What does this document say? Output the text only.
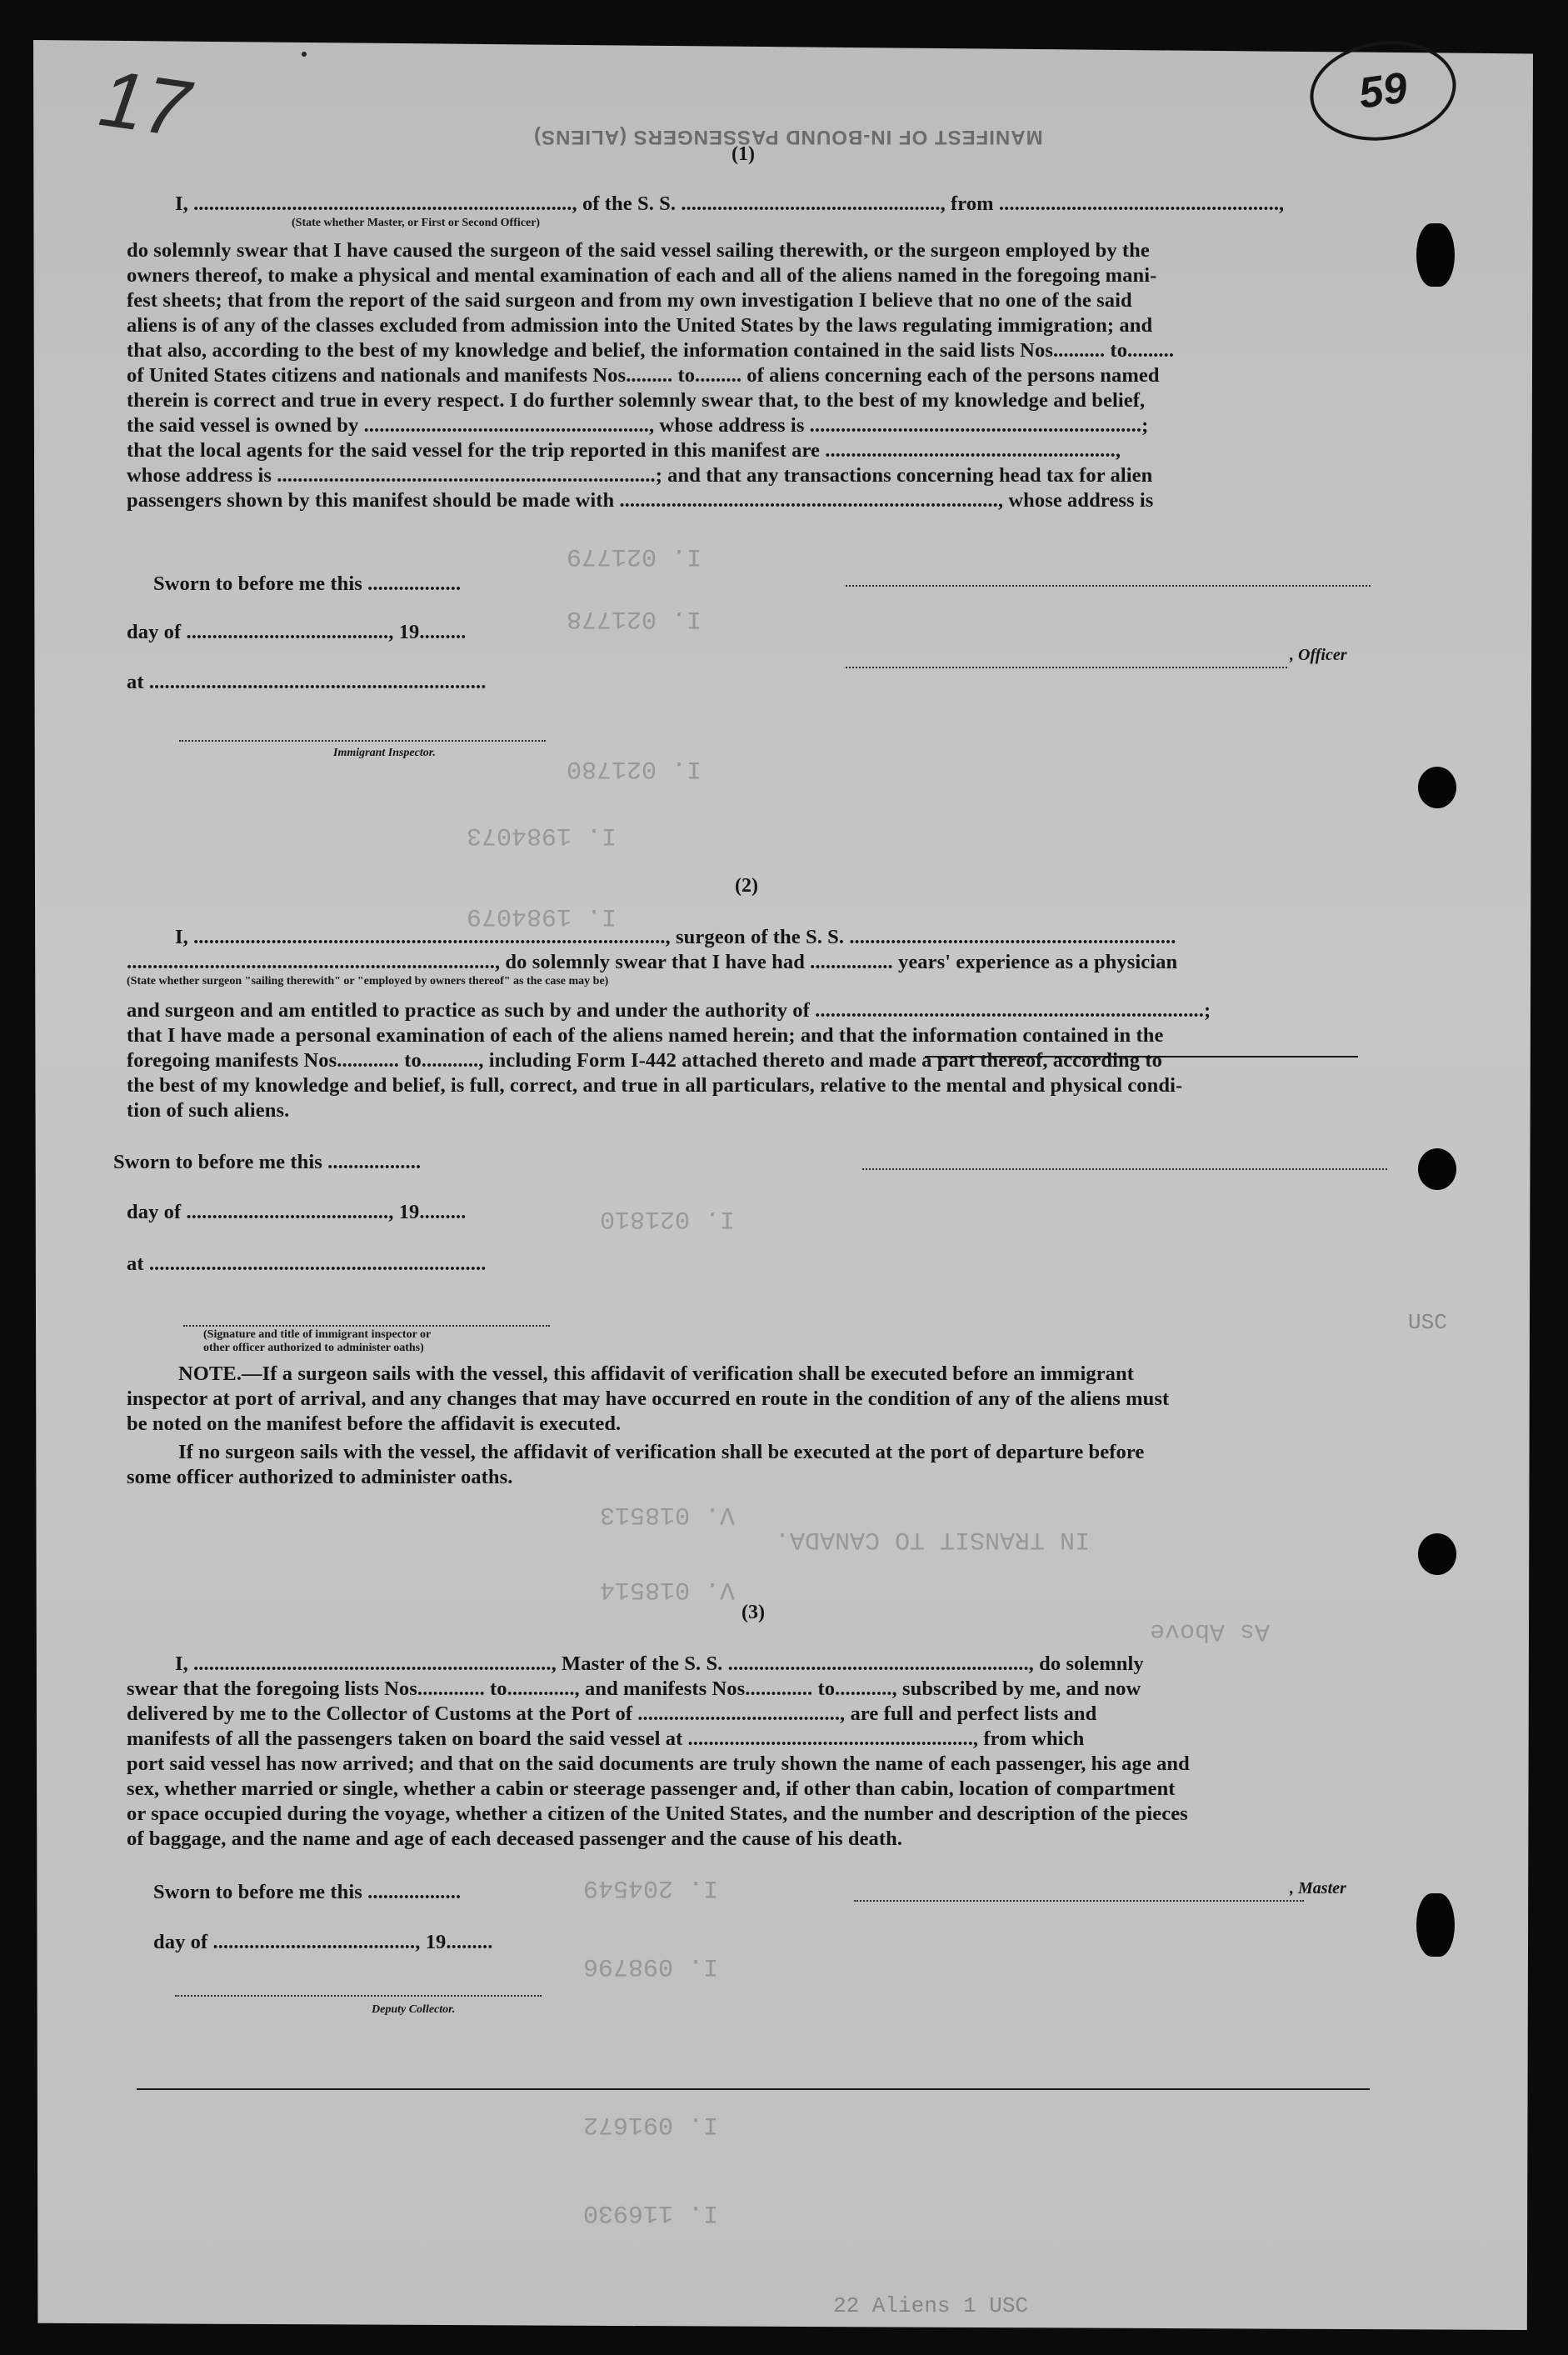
59
17	MANIFEST OF IN-BOUND PASSENGERS (ALIENS)
I. 021779
I. 021778
I. 021780
I. 1984073
I. 1984079
I. 021810
V. 018513
V. 018514
I. 204549
I. 098796
I. 091672
I. 116930
IN TRANSIT TO CANADA.
As Above
22 Aliens 1 USC
USC
(1)
I, ........................................................................., of the S. S. .................................................., from ......................................................,
(State whether Master, or First or Second Officer)
do solemnly swear that I have caused the surgeon of the said vessel sailing therewith, or the surgeon employed by the
owners thereof, to make a physical and mental examination of each and all of the aliens named in the foregoing mani-
fest sheets; that from the report of the said surgeon and from my own investigation I believe that no one of the said
aliens is of any of the classes excluded from admission into the United States by the laws regulating immigration; and
that also, according to the best of my knowledge and belief, the information contained in the said lists Nos.......... to.........
of United States citizens and nationals and manifests Nos......... to......... of aliens concerning each of the persons named
therein is correct and true in every respect. I do further solemnly swear that, to the best of my knowledge and belief,
the said vessel is owned by ......................................................., whose address is ................................................................;
that the local agents for the said vessel for the trip reported in this manifest are ........................................................,
whose address is .........................................................................; and that any transactions concerning head tax for alien
passengers shown by this manifest should be made with ........................................................................., whose address is
Sworn to before me this ..................
day of ......................................., 19.........
, Officer
at .................................................................
Immigrant Inspector.
(2)
I, ..........................................................................................., surgeon of the S. S. ...............................................................
......................................................................., do solemnly swear that I have had ................ years' experience as a physician
(State whether surgeon "sailing therewith" or "employed by owners thereof" as the case may be)
and surgeon and am entitled to practice as such by and under the authority of ...........................................................................;
that I have made a personal examination of each of the aliens named herein; and that the information contained in the
foregoing manifests Nos............ to..........., including Form I-442 attached thereto and made a part thereof, according to
the best of my knowledge and belief, is full, correct, and true in all particulars, relative to the mental and physical condi-
tion of such aliens.
Sworn to before me this ..................
day of ......................................., 19.........
at .................................................................
(Signature and title of immigrant inspector or
other officer authorized to administer oaths)
NOTE.—If a surgeon sails with the vessel, this affidavit of verification shall be executed before an immigrant
inspector at port of arrival, and any changes that may have occurred en route in the condition of any of the aliens must
be noted on the manifest before the affidavit is executed.
If no surgeon sails with the vessel, the affidavit of verification shall be executed at the port of departure before
some officer authorized to administer oaths.
(3)
I, ....................................................................., Master of the S. S. .........................................................., do solemnly
swear that the foregoing lists Nos............. to............., and manifests Nos............. to..........., subscribed by me, and now
delivered by me to the Collector of Customs at the Port of ......................................., are full and perfect lists and
manifests of all the passengers taken on board the said vessel at ......................................................., from which
port said vessel has now arrived; and that on the said documents are truly shown the name of each passenger, his age and
sex, whether married or single, whether a cabin or steerage passenger and, if other than cabin, location of compartment
or space occupied during the voyage, whether a citizen of the United States, and the number and description of the pieces
of baggage, and the name and age of each deceased passenger and the cause of his death.
Sworn to before me this ..................	, Master
day of ......................................., 19.........
Deputy Collector.
